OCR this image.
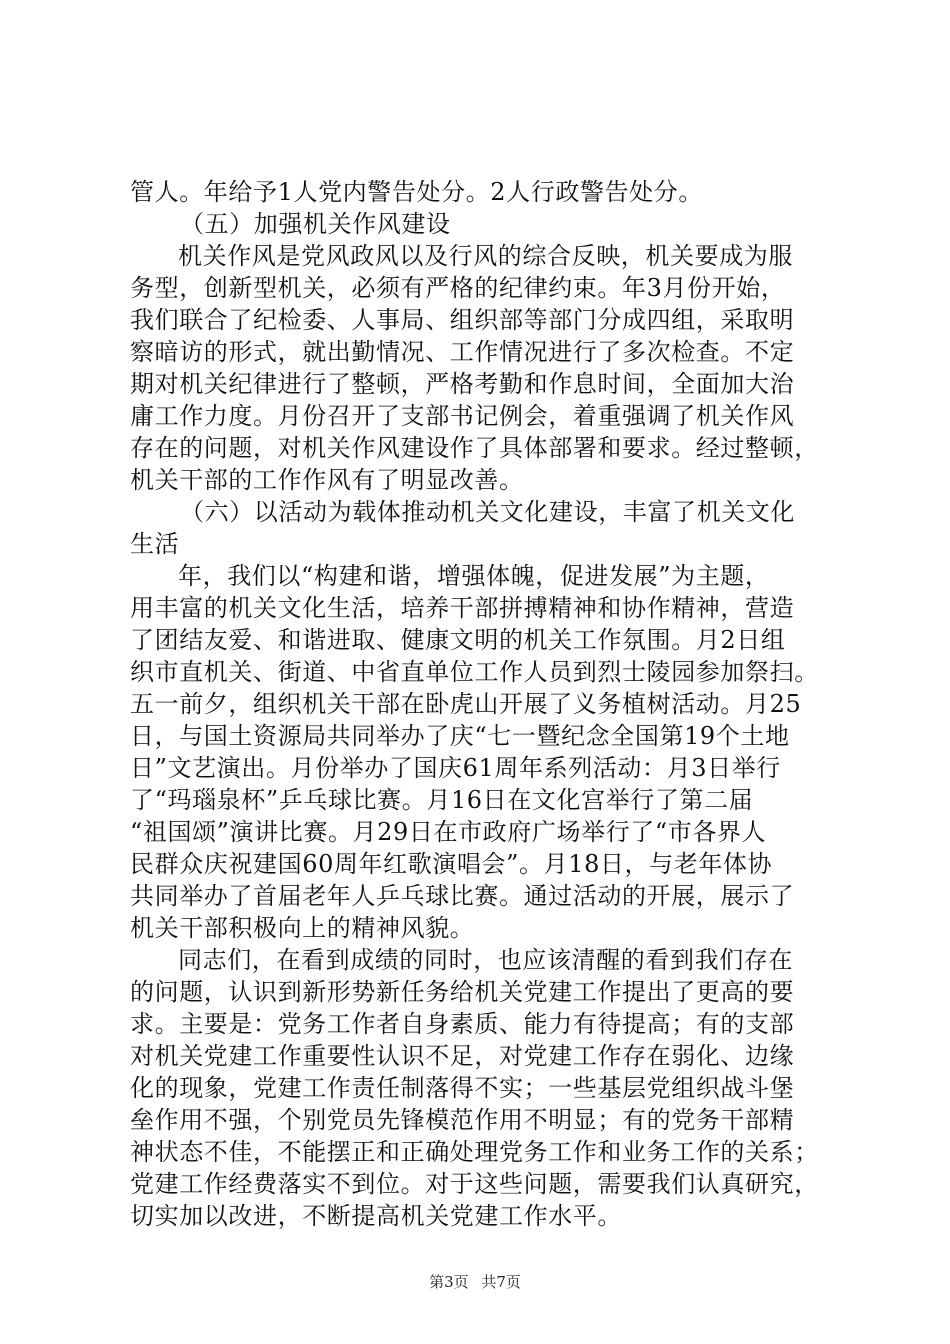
管人。年给予1人党内警告处分。2人行政警告处分。
（五）加强机关作风建设
机关作风是党风政风以及行风的综合反映，机关要成为服
务型，创新型机关，必须有严格的纪律约束。年3月份开始，
我们联合了纪检委、人事局、组织部等部门分成四组，采取明
察暗访的形式，就出勤情况、工作情况进行了多次检查。不定
期对机关纪律进行了整顿，严格考勤和作息时间，全面加大治
庸工作力度。月份召开了支部书记例会，着重强调了机关作风
存在的问题，对机关作风建设作了具体部署和要求。经过整顿，
机关干部的工作作风有了明显改善。
（六）以活动为载体推动机关文化建设，丰富了机关文化
生活
年，我们以“构建和谐，增强体魄，促进发展”为主题，
用丰富的机关文化生活，培养干部拼搏精神和协作精神，营造
了团结友爱、和谐进取、健康文明的机关工作氛围。月2日组
织市直机关、街道、中省直单位工作人员到烈士陵园参加祭扫。
五一前夕，组织机关干部在卧虎山开展了义务植树活动。月25
日，与国土资源局共同举办了庆“七一暨纪念全国第19个土地
日”文艺演出。月份举办了国庆61周年系列活动：月3日举行
了“玛瑙泉杯”乒乓球比赛。月16日在文化宫举行了第二届
“祖国颂”演讲比赛。月29日在市政府广场举行了“市各界人
民群众庆祝建国60周年红歌演唱会”。月18日，与老年体协
共同举办了首届老年人乒乓球比赛。通过活动的开展，展示了
机关干部积极向上的精神风貌。
同志们，在看到成绩的同时，也应该清醒的看到我们存在
的问题，认识到新形势新任务给机关党建工作提出了更高的要
求。主要是：党务工作者自身素质、能力有待提高；有的支部
对机关党建工作重要性认识不足，对党建工作存在弱化、边缘
化的现象，党建工作责任制落得不实；一些基层党组织战斗堡
垒作用不强，个别党员先锋模范作用不明显；有的党务干部精
神状态不佳，不能摆正和正确处理党务工作和业务工作的关系；
党建工作经费落实不到位。对于这些问题，需要我们认真研究，
切实加以改进，不断提高机关党建工作水平。
第3页 共7页
